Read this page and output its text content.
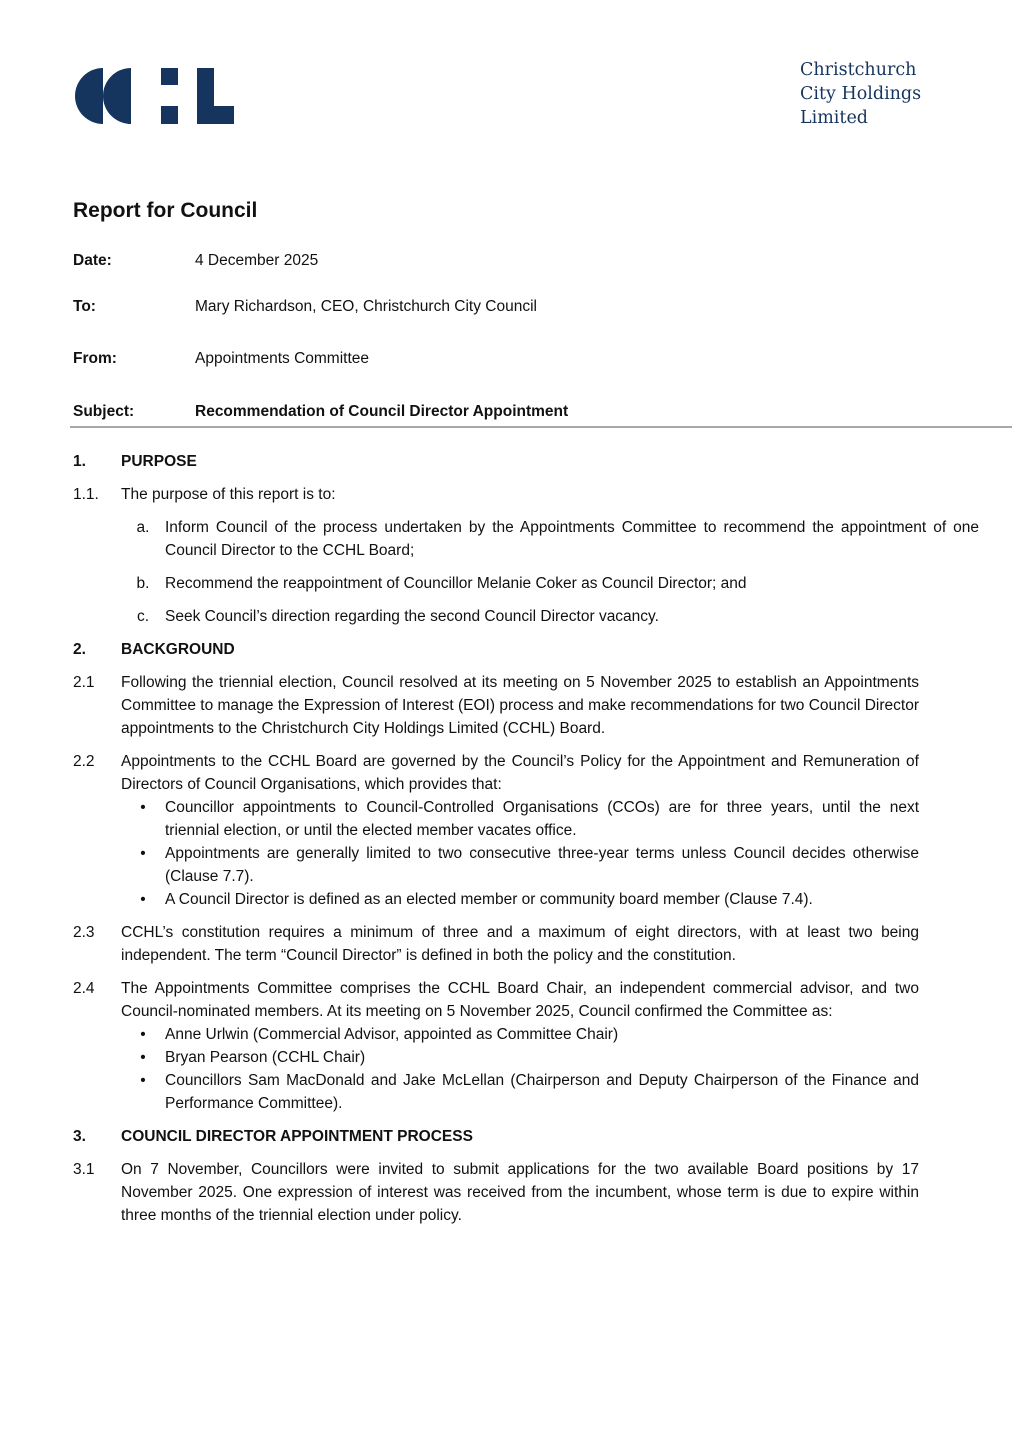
Christchurch
City Holdings
Limited
Report for Council
Date:	4 December 2025
To:	Mary Richardson, CEO, Christchurch City Council
From:	Appointments Committee
Subject:	Recommendation of Council Director Appointment
1.	PURPOSE
1.1.	The purpose of this report is to:
a.	Inform Council of the process undertaken by the Appointments Committee to recommend the appointment of one Council Director to the CCHL Board;
b.	Recommend the reappointment of Councillor Melanie Coker as Council Director; and
c.	Seek Council’s direction regarding the second Council Director vacancy.
2.	BACKGROUND
2.1	Following the triennial election, Council resolved at its meeting on 5 November 2025 to establish an Appointments Committee to manage the Expression of Interest (EOI) process and make recommendations for two Council Director appointments to the Christchurch City Holdings Limited (CCHL) Board.
2.2	Appointments to the CCHL Board are governed by the Council’s Policy for the Appointment and Remuneration of Directors of Council Organisations, which provides that:
•	Councillor appointments to Council-Controlled Organisations (CCOs) are for three years, until the next triennial election, or until the elected member vacates office.
•	Appointments are generally limited to two consecutive three-year terms unless Council decides otherwise (Clause 7.7).
•	A Council Director is defined as an elected member or community board member (Clause 7.4).
2.3	CCHL’s constitution requires a minimum of three and a maximum of eight directors, with at least two being independent. The term “Council Director” is defined in both the policy and the constitution.
2.4	The Appointments Committee comprises the CCHL Board Chair, an independent commercial advisor, and two Council-nominated members. At its meeting on 5 November 2025, Council confirmed the Committee as:
•	Anne Urlwin (Commercial Advisor, appointed as Committee Chair)
•	Bryan Pearson (CCHL Chair)
•	Councillors Sam MacDonald and Jake McLellan (Chairperson and Deputy Chairperson of the Finance and Performance Committee).
3.	COUNCIL DIRECTOR APPOINTMENT PROCESS
3.1	On 7 November, Councillors were invited to submit applications for the two available Board positions by 17 November 2025. One expression of interest was received from the incumbent, whose term is due to expire within three months of the triennial election under policy.
